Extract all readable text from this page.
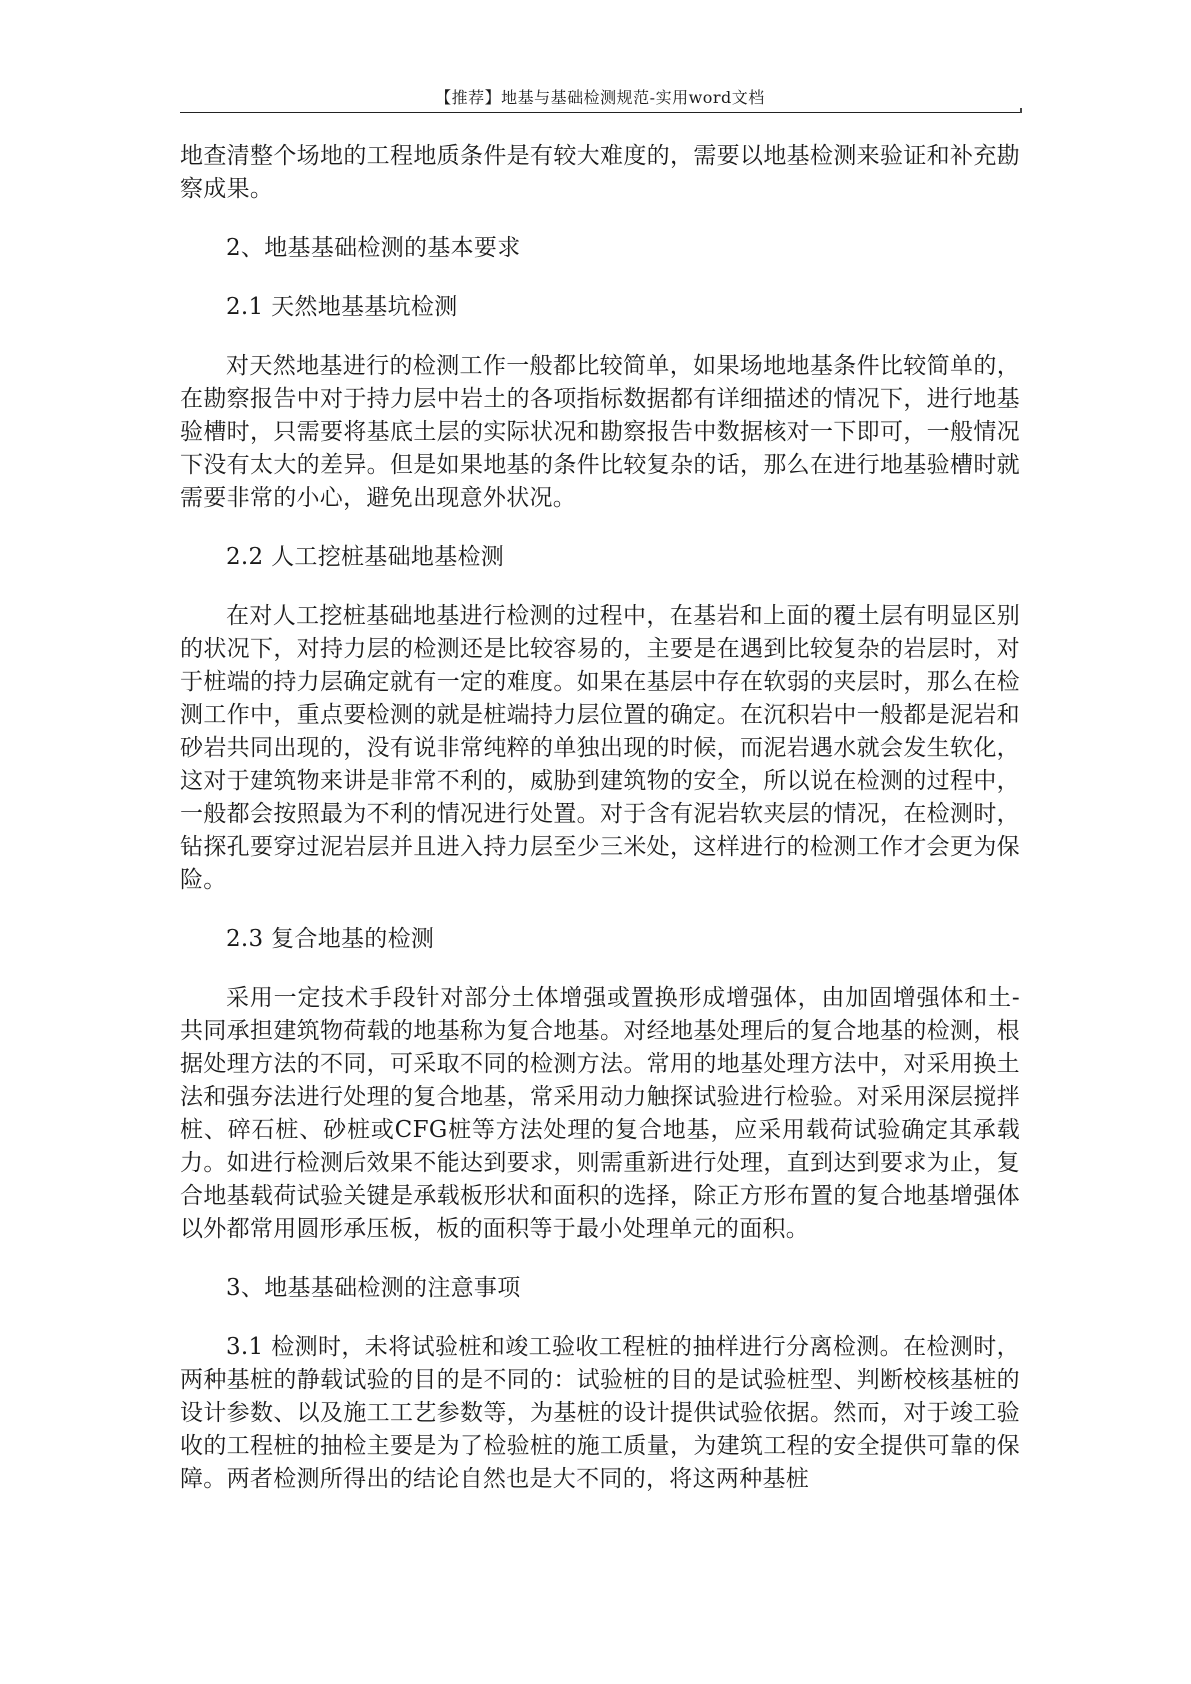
【推荐】地基与基础检测规范-实用word文档

地查清整个场地的工程地质条件是有较大难度的，需要以地基检测来验证和补充勘察成果。

2、地基基础检测的基本要求

2.1 天然地基基坑检测

对天然地基进行的检测工作一般都比较简单，如果场地地基条件比较简单的，在勘察报告中对于持力层中岩土的各项指标数据都有详细描述的情况下，进行地基验槽时，只需要将基底土层的实际状况和勘察报告中数据核对一下即可，一般情况下没有太大的差异。但是如果地基的条件比较复杂的话，那么在进行地基验槽时就需要非常的小心，避免出现意外状况。

2.2 人工挖桩基础地基检测

在对人工挖桩基础地基进行检测的过程中，在基岩和上面的覆土层有明显区别的状况下，对持力层的检测还是比较容易的，主要是在遇到比较复杂的岩层时，对于桩端的持力层确定就有一定的难度。如果在基层中存在软弱的夹层时，那么在检测工作中，重点要检测的就是桩端持力层位置的确定。在沉积岩中一般都是泥岩和砂岩共同出现的，没有说非常纯粹的单独出现的时候，而泥岩遇水就会发生软化，这对于建筑物来讲是非常不利的，威胁到建筑物的安全，所以说在检测的过程中，一般都会按照最为不利的情况进行处置。对于含有泥岩软夹层的情况，在检测时，钻探孔要穿过泥岩层并且进入持力层至少三米处，这样进行的检测工作才会更为保险。

2.3 复合地基的检测

采用一定技术手段针对部分土体增强或置换形成增强体，由加固增强体和土-共同承担建筑物荷载的地基称为复合地基。对经地基处理后的复合地基的检测，根据处理方法的不同，可采取不同的检测方法。常用的地基处理方法中，对采用换土法和强夯法进行处理的复合地基，常采用动力触探试验进行检验。对采用深层搅拌桩、碎石桩、砂桩或CFG桩等方法处理的复合地基，应采用载荷试验确定其承载力。如进行检测后效果不能达到要求，则需重新进行处理，直到达到要求为止，复合地基载荷试验关键是承载板形状和面积的选择，除正方形布置的复合地基增强体以外都常用圆形承压板，板的面积等于最小处理单元的面积。

3、地基基础检测的注意事项

3.1 检测时，未将试验桩和竣工验收工程桩的抽样进行分离检测。在检测时，两种基桩的静载试验的目的是不同的：试验桩的目的是试验桩型、判断校核基桩的设计参数、以及施工工艺参数等，为基桩的设计提供试验依据。然而，对于竣工验收的工程桩的抽检主要是为了检验桩的施工质量，为建筑工程的安全提供可靠的保障。两者检测所得出的结论自然也是大不同的，将这两种基桩
